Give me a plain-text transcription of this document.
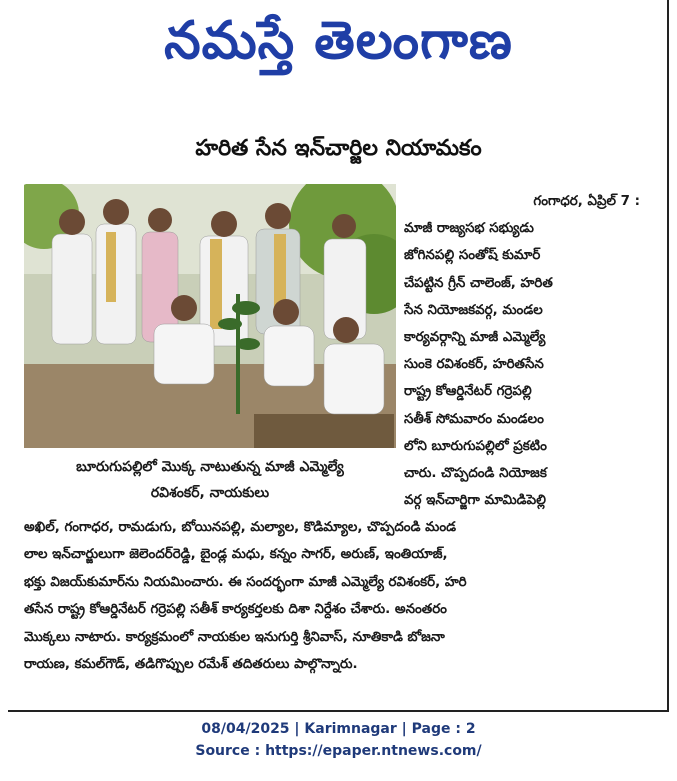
నమస్తే తెలంగాణ
హరిత సేన ఇన్‌చార్జిల నియామకం
బూరుగుపల్లిలో మొక్క నాటుతున్న మాజీ ఎమ్మెల్యే
రవిశంకర్, నాయకులు
గంగాధర, ఏప్రిల్ 7 :
మాజీ రాజ్యసభ సభ్యుడు
జోగినపల్లి సంతోష్ కుమార్
చేపట్టిన గ్రీన్ చాలెంజ్, హరిత
సేన నియోజకవర్గ, మండల
కార్యవర్గాన్ని మాజీ ఎమ్మెల్యే
సుంకె రవిశంకర్, హరితసేన
రాష్ట్ర కోఆర్డినేటర్ గర్రెపల్లి
సతీశ్ సోమవారం మండలం
లోని బూరుగుపల్లిలో ప్రకటిం
చారు. చొప్పదండి నియోజక
వర్గ ఇన్‌చార్జిగా మామిడిపెల్లి
అఖిల్, గంగాధర, రామడుగు, బోయినపల్లి, మల్యాల, కొడిమ్యాల, చొప్పదండి మండ
లాల ఇన్‌చార్జులుగా జెలెందర్‌రెడ్డి, బైండ్ల మధు, కన్నం సాగర్, అరుణ్, ఇంతియాజ్,
భక్తు విజయ్‌కుమార్‌ను నియమించారు. ఈ సందర్భంగా మాజీ ఎమ్మెల్యే రవిశంకర్, హరి
తసేన రాష్ట్ర కోఆర్డినేటర్ గర్రెపల్లి సతీశ్ కార్యకర్తలకు దిశా నిర్దేశం చేశారు. అనంతరం
మొక్కలు నాటారు. కార్యక్రమంలో నాయకుల ఇనుగుర్తి శ్రీనివాస్, నూతికాడి బోజనా
రాయణ, కమల్‌గౌడ్, తడిగొప్పుల రమేశ్ తదితరులు పాల్గొన్నారు.
08/04/2025 | Karimnagar | Page : 2
Source : https://epaper.ntnews.com/
